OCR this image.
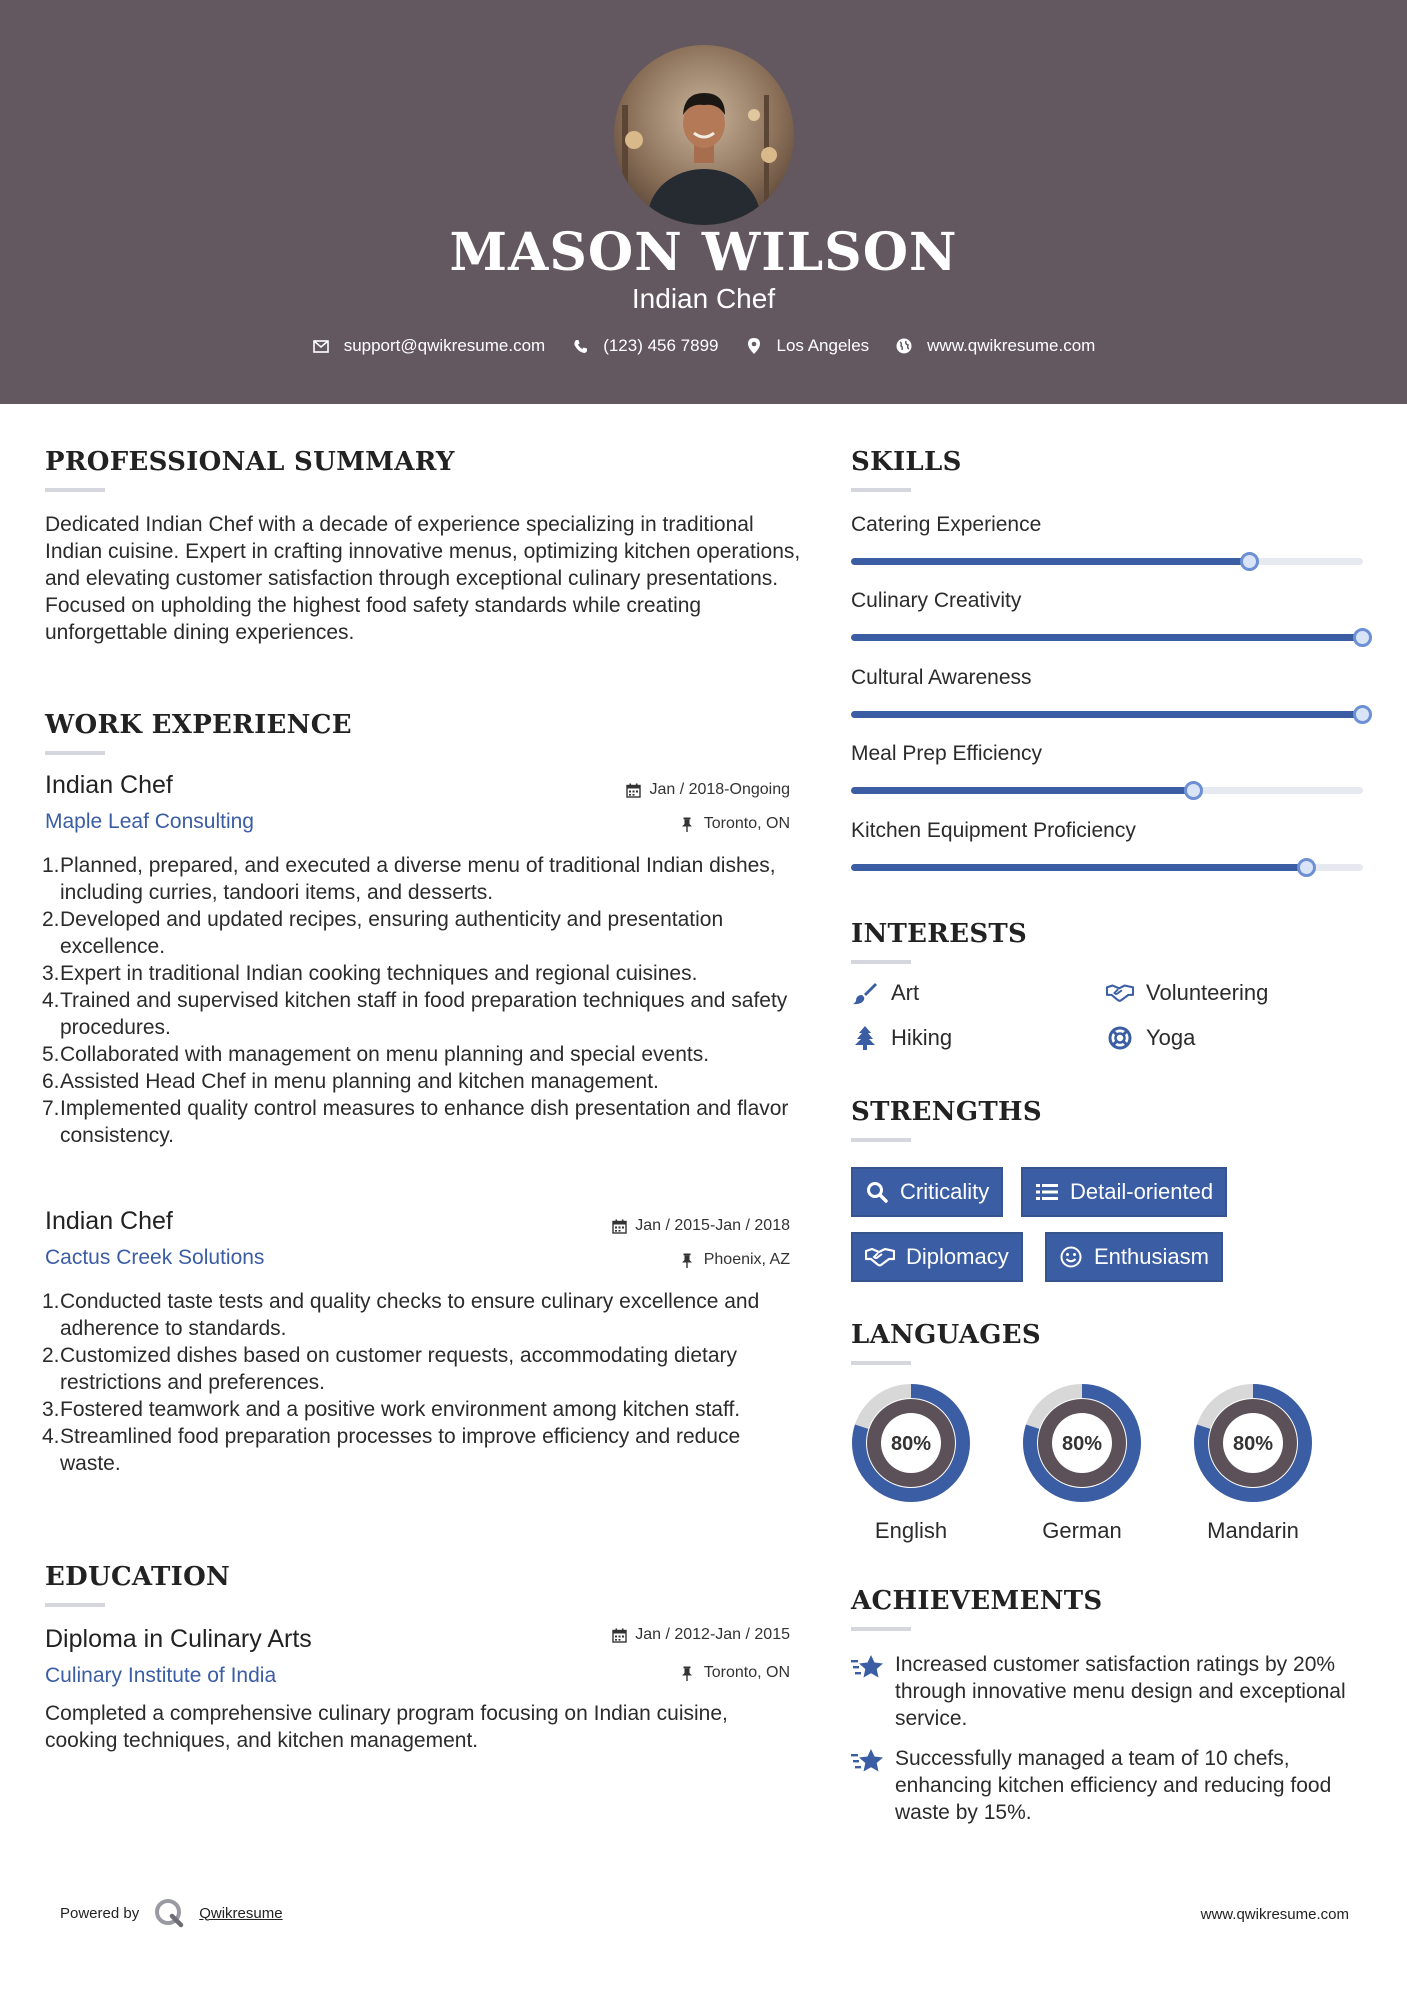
MASON WILSON
Indian Chef
support@qwikresume.com	(123) 456 7899	Los Angeles	www.qwikresume.com
PROFESSIONAL SUMMARY
Dedicated Indian Chef with a decade of experience specializing in traditional Indian cuisine. Expert in crafting innovative menus, optimizing kitchen operations, and elevating customer satisfaction through exceptional culinary presentations. Focused on upholding the highest food safety standards while creating unforgettable dining experiences.
WORK EXPERIENCE
Indian Chef	Jan / 2018-Ongoing
Maple Leaf Consulting	Toronto, ON
1. Planned, prepared, and executed a diverse menu of traditional Indian dishes, including curries, tandoori items, and desserts.
2. Developed and updated recipes, ensuring authenticity and presentation excellence.
3. Expert in traditional Indian cooking techniques and regional cuisines.
4. Trained and supervised kitchen staff in food preparation techniques and safety procedures.
5. Collaborated with management on menu planning and special events.
6. Assisted Head Chef in menu planning and kitchen management.
7. Implemented quality control measures to enhance dish presentation and flavor consistency.
Indian Chef	Jan / 2015-Jan / 2018
Cactus Creek Solutions	Phoenix, AZ
1. Conducted taste tests and quality checks to ensure culinary excellence and adherence to standards.
2. Customized dishes based on customer requests, accommodating dietary restrictions and preferences.
3. Fostered teamwork and a positive work environment among kitchen staff.
4. Streamlined food preparation processes to improve efficiency and reduce waste.
EDUCATION
Diploma in Culinary Arts	Jan / 2012-Jan / 2015
Culinary Institute of India	Toronto, ON
Completed a comprehensive culinary program focusing on Indian cuisine, cooking techniques, and kitchen management.
SKILLS
Catering Experience
Culinary Creativity
Cultural Awareness
Meal Prep Efficiency
Kitchen Equipment Proficiency
INTERESTS
Art	Volunteering
Hiking	Yoga
STRENGTHS
Criticality	Detail-oriented
Diplomacy	Enthusiasm
LANGUAGES
80%
English
80%
German
80%
Mandarin
ACHIEVEMENTS
Increased customer satisfaction ratings by 20% through innovative menu design and exceptional service.
Successfully managed a team of 10 chefs, enhancing kitchen efficiency and reducing food waste by 15%.
Powered by	Qwikresume	www.qwikresume.com
